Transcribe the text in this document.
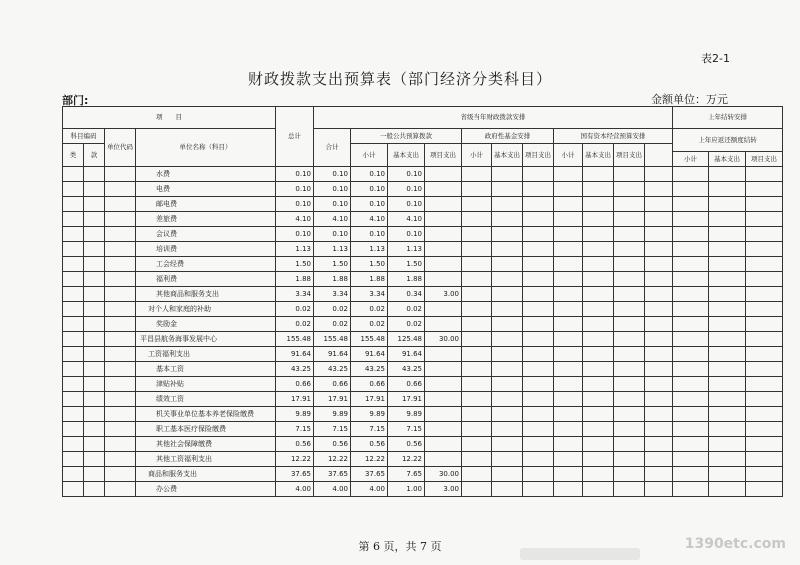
表2-1
财政拨款支出预算表（部门经济分类科目）
部门:	金额单位：万元
项　　目				总计	省级当年财政拨款安排											上年结转安排		
科目编码		单位代码	单位名称（科目）		合计	一般公共预算拨款			政府性基金安排			国有资本经营预算安排				上年应返还额度结转		
类	款					小计	基本支出	项目支出	小计	基本支出	项目支出	小计	基本支出	项目支出				
																小计	基本支出	项目支出
			水费	0.10	0.10	0.10	0.10											
			电费	0.10	0.10	0.10	0.10											
			邮电费	0.10	0.10	0.10	0.10											
			差旅费	4.10	4.10	4.10	4.10											
			会议费	0.10	0.10	0.10	0.10											
			培训费	1.13	1.13	1.13	1.13											
			工会经费	1.50	1.50	1.50	1.50											
			福利费	1.88	1.88	1.88	1.88											
			其他商品和服务支出	3.34	3.34	3.34	0.34	3.00										
			对个人和家庭的补助	0.02	0.02	0.02	0.02											
			奖励金	0.02	0.02	0.02	0.02											
			平昌县航务海事发展中心	155.48	155.48	155.48	125.48	30.00										
			工资福利支出	91.64	91.64	91.64	91.64											
			基本工资	43.25	43.25	43.25	43.25											
			津贴补贴	0.66	0.66	0.66	0.66											
			绩效工资	17.91	17.91	17.91	17.91											
			机关事业单位基本养老保险缴费	9.89	9.89	9.89	9.89											
			职工基本医疗保险缴费	7.15	7.15	7.15	7.15											
			其他社会保障缴费	0.56	0.56	0.56	0.56											
			其他工资福利支出	12.22	12.22	12.22	12.22											
			商品和服务支出	37.65	37.65	37.65	7.65	30.00										
			办公费	4.00	4.00	4.00	1.00	3.00										
第 6 页，共 7 页	1390etc.com
